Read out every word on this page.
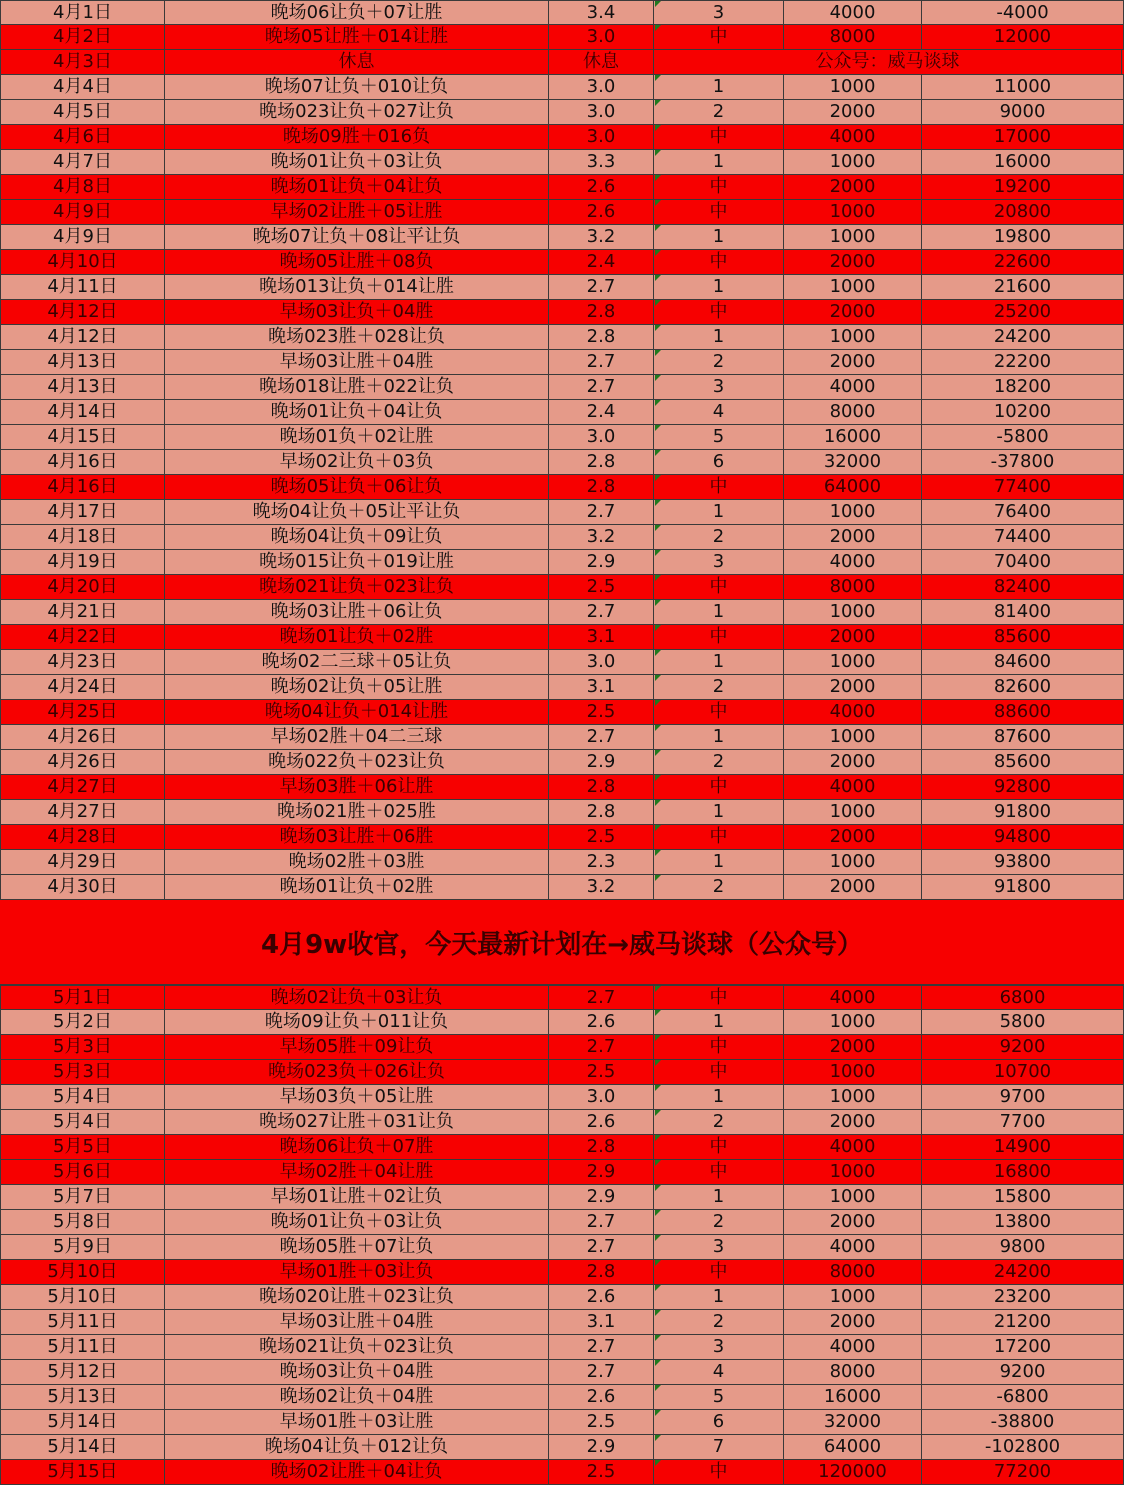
4月1日	晚场06让负＋07让胜	3.4	3	4000	-4000
4月2日	晚场05让胜＋014让胜	3.0	中	8000	12000
4月3日	休息	休息	公众号：威马谈球
4月4日	晚场07让负＋010让负	3.0	1	1000	11000
4月5日	晚场023让负＋027让负	3.0	2	2000	9000
4月6日	晚场09胜＋016负	3.0	中	4000	17000
4月7日	晚场01让负＋03让负	3.3	1	1000	16000
4月8日	晚场01让负＋04让负	2.6	中	2000	19200
4月9日	早场02让胜＋05让胜	2.6	中	1000	20800
4月9日	晚场07让负＋08让平让负	3.2	1	1000	19800
4月10日	晚场05让胜＋08负	2.4	中	2000	22600
4月11日	晚场013让负＋014让胜	2.7	1	1000	21600
4月12日	早场03让负＋04胜	2.8	中	2000	25200
4月12日	晚场023胜＋028让负	2.8	1	1000	24200
4月13日	早场03让胜＋04胜	2.7	2	2000	22200
4月13日	晚场018让胜＋022让负	2.7	3	4000	18200
4月14日	晚场01让负＋04让负	2.4	4	8000	10200
4月15日	晚场01负＋02让胜	3.0	5	16000	-5800
4月16日	早场02让负＋03负	2.8	6	32000	-37800
4月16日	晚场05让负＋06让负	2.8	中	64000	77400
4月17日	晚场04让负＋05让平让负	2.7	1	1000	76400
4月18日	晚场04让负＋09让负	3.2	2	2000	74400
4月19日	晚场015让负＋019让胜	2.9	3	4000	70400
4月20日	晚场021让负＋023让负	2.5	中	8000	82400
4月21日	晚场03让胜＋06让负	2.7	1	1000	81400
4月22日	晚场01让负＋02胜	3.1	中	2000	85600
4月23日	晚场02二三球＋05让负	3.0	1	1000	84600
4月24日	晚场02让负＋05让胜	3.1	2	2000	82600
4月25日	晚场04让负＋014让胜	2.5	中	4000	88600
4月26日	早场02胜＋04二三球	2.7	1	1000	87600
4月26日	晚场022负＋023让负	2.9	2	2000	85600
4月27日	早场03胜＋06让胜	2.8	中	4000	92800
4月27日	晚场021胜＋025胜	2.8	1	1000	91800
4月28日	晚场03让胜＋06胜	2.5	中	2000	94800
4月29日	晚场02胜＋03胜	2.3	1	1000	93800
4月30日	晚场01让负＋02胜	3.2	2	2000	91800
4月9w收官，今天最新计划在→威马谈球（公众号）
5月1日	晚场02让负＋03让负	2.7	中	4000	6800
5月2日	晚场09让负＋011让负	2.6	1	1000	5800
5月3日	早场05胜＋09让负	2.7	中	2000	9200
5月3日	晚场023负＋026让负	2.5	中	1000	10700
5月4日	早场03负＋05让胜	3.0	1	1000	9700
5月4日	晚场027让胜＋031让负	2.6	2	2000	7700
5月5日	晚场06让负＋07胜	2.8	中	4000	14900
5月6日	早场02胜＋04让胜	2.9	中	1000	16800
5月7日	早场01让胜＋02让负	2.9	1	1000	15800
5月8日	晚场01让负＋03让负	2.7	2	2000	13800
5月9日	晚场05胜＋07让负	2.7	3	4000	9800
5月10日	早场01胜＋03让负	2.8	中	8000	24200
5月10日	晚场020让胜＋023让负	2.6	1	1000	23200
5月11日	早场03让胜＋04胜	3.1	2	2000	21200
5月11日	晚场021让负＋023让负	2.7	3	4000	17200
5月12日	晚场03让负＋04胜	2.7	4	8000	9200
5月13日	晚场02让负＋04胜	2.6	5	16000	-6800
5月14日	早场01胜＋03让胜	2.5	6	32000	-38800
5月14日	晚场04让负＋012让负	2.9	7	64000	-102800
5月15日	晚场02让胜＋04让负	2.5	中	120000	77200
